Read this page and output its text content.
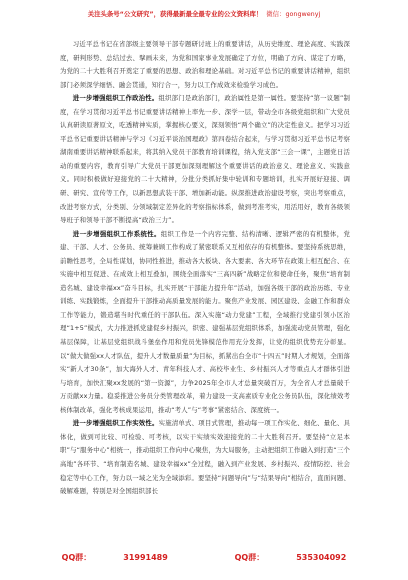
关注头条号“公文研究”，获得最新最全最专业的公文资料库！ 微信：gongwenyj

习近平总书记在省部级主要领导干部专题研讨班上的重要讲话，从历史维度、理论高度、实践深度，研判形势、总结过去、擘画未来，为党和国家事业发展确定了方位，明确了方向、谋定了方略，为党的二十大胜利召开奠定了重要的思想、政治和理论基础。对习近平总书记的重要讲话精神，组织部门必须深学细悟、融会贯通，知行合一，努力以工作成效来检验学习成色。

进一步增强组织工作政治性。组织部门是政治部门，政治属性是第一属性。要坚持“第一议题”制度，在学习贯彻习近平总书记重要讲话精神上率先一步、深学一层，带动全市各级党组织和广大党员认真研读原著原文，吃透精神实质，掌握核心要义，深刻领悟“两个确立”的决定性意义。把学习习近平总书记重要讲话精神与学习《习近平谈治国理政》第四卷结合起来，与学习贯彻习近平总书记考察湖南重要讲话精神联系起来，将其纳入党员干部教育培训课程，纳入党支部“三会一课”，主题党日活动的重要内容，教育引导广大党员干部更加深刻理解这个重要讲话的政治意义、理论意义、实践意义。同时积极做好迎接党的二十大精神，分批分类抓好集中轮训和专题培训，扎实开展好迎接、调研、研究、宣传等工作，以新思想武装干部、增加新动能。纵深推进政治建设考察，突出考察重点，改进考察方式，分类别、分领域制定差异化的考察指标体系，做到考准考实，用活用好，教育各级领导班子和领导干部不断提高“政治三力”。

进一步增强组织工作系统性。组织工作是一个内容完整、结构清晰、逻辑严密的有机整体，党建、干部、人才、公务员、统筹兼顾工作构成了紧密联系又互相依存的有机整体。要坚持系统思维，前瞻性思考，全局性谋划，协同性推进，推动各大板块、各大要素、各大环节在政策上相互配合、在实施中相互促进、在成效上相互叠加，围绕全面落实“三高四新”战略定位和使命任务，聚焦“培育制造名城、建设幸福xx”奋斗目标，扎实开展“干部能力提升年”活动，加强各级干部的政治历练、专业训练、实践锻炼，全面提升干部推动高质量发展的能力。聚焦产业发展、园区建设、金融工作和群众工作等能力，锻造堪当时代重任的干部队伍。深入实施“动力党建”工程，全域推行党建引领小区治理“1+5”模式，大力推进抓党建促乡村振兴，织密、建强基层党组织体系，加强流动党员管理，强化基层保障，让基层党组织战斗堡垒作用和党员先锋模范作用充分发挥，让党的组织优势充分彰显。以“做大做强xx人才队伍，提升人才数量质量”为目标，抓紧出台全市“十四五”时期人才规划，全面落实“新人才30条”，加大海外人才、青年科技人才、高校毕业生、乡村振兴人才等重点人才群体引进与培育，加快汇聚xx发展的“第一资源”，力争2025年全市人才总量突破百万，为全省人才总量破千万贡献xx力量。稳妥推进公务员分类管理改革，着力建设一支高素质专业化公务员队伍，深化绩效考核体制改革，强化考核成果运用，推动“考人”与“考事”紧密结合、深度统一。

进一步增强组织工作实效性。实施清单式、项目式管理，推动每一项工作实化、细化、量化、具体化，做到可比较、可检验、可考核，以实干实绩实效迎接党的二十大胜利召开。要坚持“立足本职”与“服务中心”相统一，推动组织工作向中心聚焦，为大局服务，主动把组织工作融入到打造“三个高地”各环节、“培育制造名城、建设幸福xx”全过程，融入到产业发展、乡村振兴、疫情防控、社会稳定等中心工作，努力以一域之光为全域添彩。要坚持“问题导向”与“结果导向”相结合，直面问题、破解难题，特别是对全国组织部长

QQ群：	31991489	QQ群：	535304092
